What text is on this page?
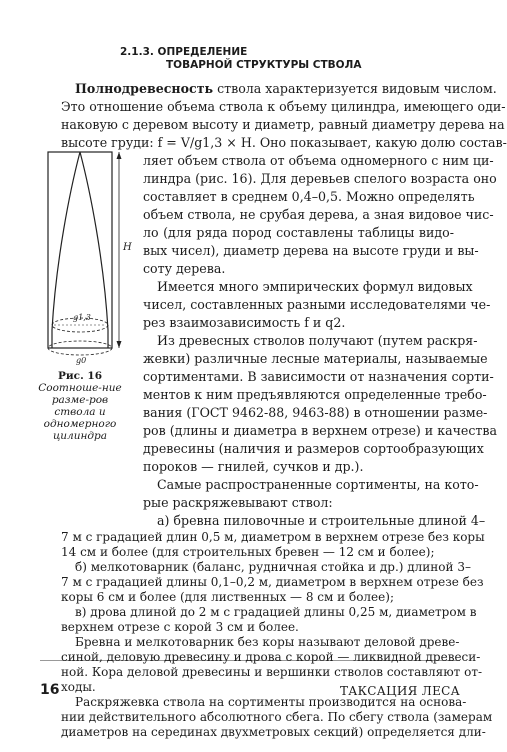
2.1.3. ОПРЕДЕЛЕНИЕ
ТОВАРНОЙ СТРУКТУРЫ СТВОЛА
Полнодревесность ствола характеризуется видовым числом.
Это отношение объема ствола к объему цилиндра, имеющего оди-
наковую с деревом высоту и диаметр, равный диаметру дерева на
высоте груди: f = V/g1,3 × H. Оно показывает, какую долю состав-
ляет объем ствола от объема одномерного с ним ци-
линдра (рис. 16). Для деревьев спелого возраста оно
составляет в среднем 0,4–0,5. Можно определять
объем ствола, не срубая дерева, а зная видовое чис-
ло (для ряда пород составлены таблицы видо-
вых чисел), диаметр дерева на высоте груди и вы-
соту дерева.
Имеется много эмпирических формул видовых
чисел, составленных разными исследователями че-
рез взаимозависимость f и q2.
Из древесных стволов получают (путем раскря-
жевки) различные лесные материалы, называемые
сортиментами. В зависимости от назначения сорти-
ментов к ним предъявляются определенные требо-
вания (ГОСТ 9462-88, 9463-88) в отношении разме-
ров (длины и диаметра в верхнем отрезе) и качества
древесины (наличия и размеров сортообразующих
пороков — гнилей, сучков и др.).
Самые распространенные сортименты, на кото-
рые раскряжевывают ствол:
а) бревна пиловочные и строительные длиной 4–
7 м с градацией длин 0,5 м, диаметром в верхнем отрезе без коры
14 см и более (для строительных бревен — 12 см и более);
б) мелкотоварник (баланс, рудничная стойка и др.) длиной 3–
7 м с градацией длины 0,1–0,2 м, диаметром в верхнем отрезе без
коры 6 см и более (для лиственных — 8 см и более);
в) дрова длиной до 2 м с градацией длины 0,25 м, диаметром в
верхнем отрезе с корой 3 см и более.
H
g1,3
g0
Рис. 16
Соотноше-ние разме-ров ствола и одномерного цилиндра
16	ТАКСАЦИЯ ЛЕСА
Бревна и мелкотоварник без коры называют деловой древе-
синой, деловую древесину и дрова с корой — ликвидной древеси-
ной. Кора деловой древесины и вершинки стволов составляют от-
ходы.
Раскряжевка ствола на сортименты производится на основа-
нии действительного абсолютного сбега. По сбегу ствола (замерам
диаметров на серединах двухметровых секций) определяется дли-
